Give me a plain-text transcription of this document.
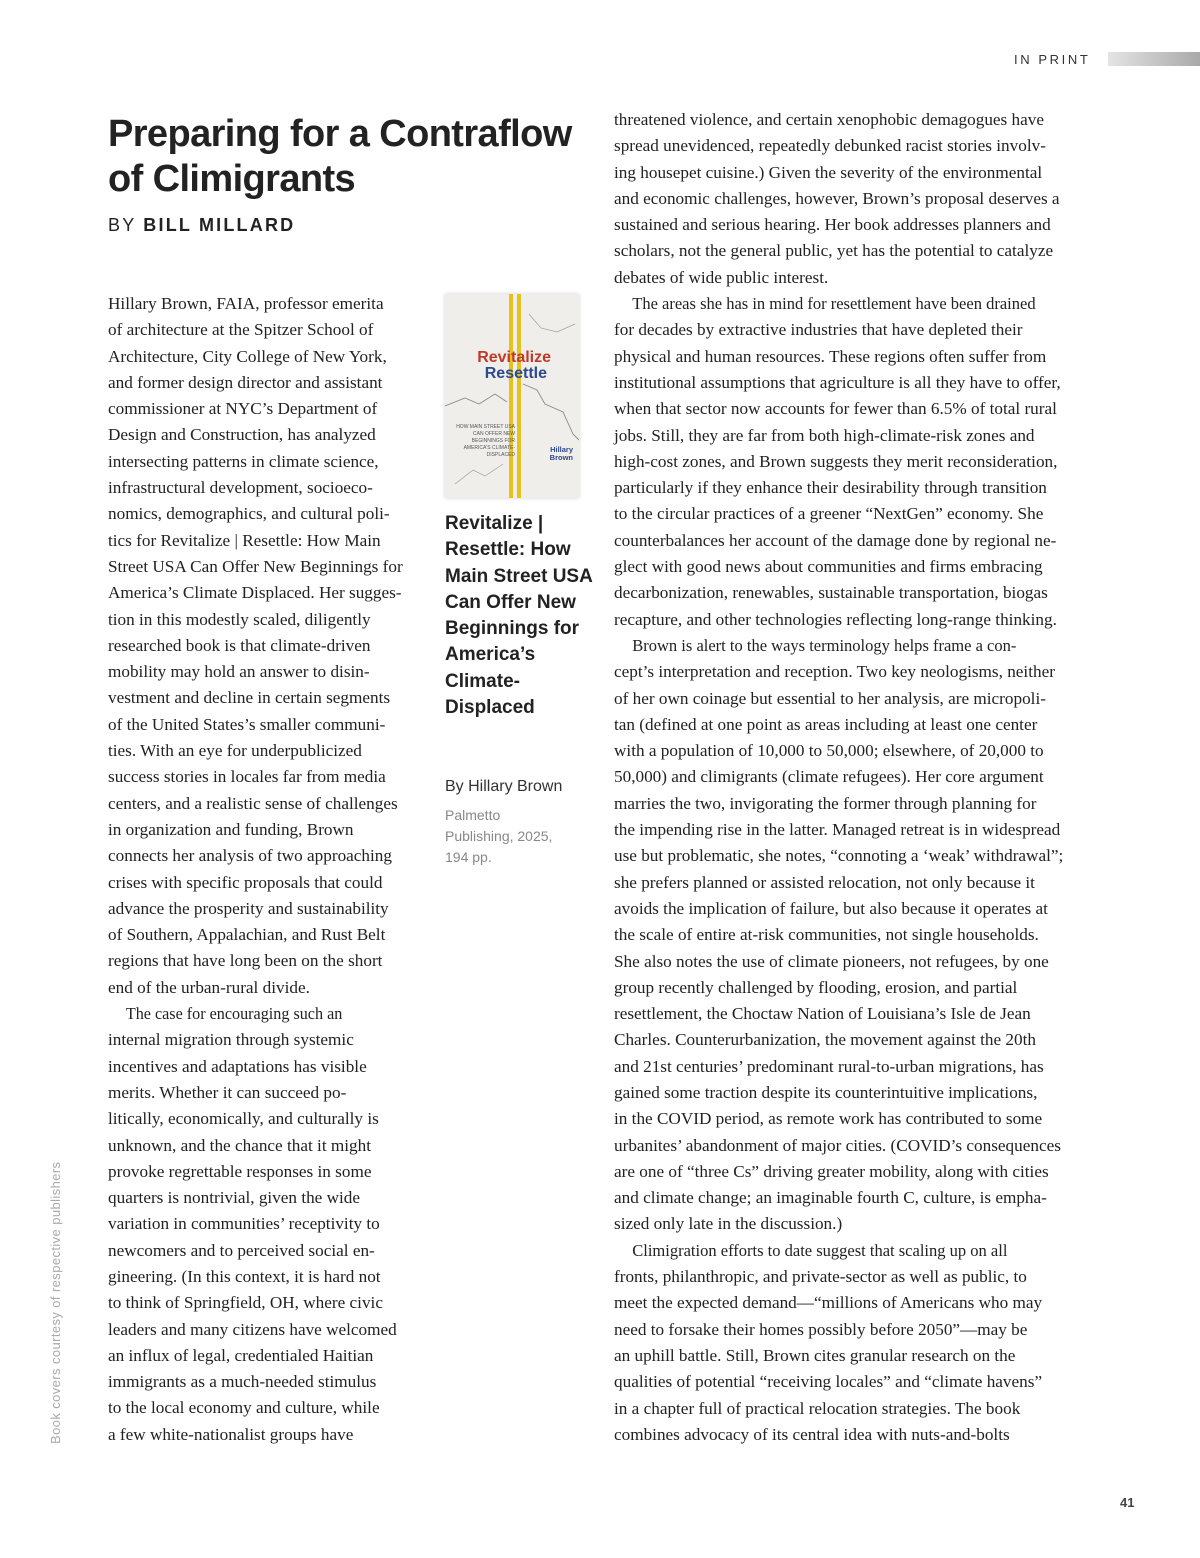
IN PRINT
Preparing for a Contraflow of Climigrants
BY BILL MILLARD
Hillary Brown, FAIA, professor emerita
of architecture at the Spitzer School of
Architecture, City College of New York,
and former design director and assistant
commissioner at NYC’s Department of
Design and Construction, has analyzed
intersecting patterns in climate science,
infrastructural development, socioeco-
nomics, demographics, and cultural poli-
tics for Revitalize | Resettle: How Main
Street USA Can Offer New Beginnings for
America’s Climate Displaced. Her sugges-
tion in this modestly scaled, diligently
researched book is that climate-driven
mobility may hold an answer to disin-
vestment and decline in certain segments
of the United States’s smaller communi-
ties. With an eye for underpublicized
success stories in locales far from media
centers, and a realistic sense of challenges
in organization and funding, Brown
connects her analysis of two approaching
crises with specific proposals that could
advance the prosperity and sustainability
of Southern, Appalachian, and Rust Belt
regions that have long been on the short
end of the urban-rural divide.
The case for encouraging such an
internal migration through systemic
incentives and adaptations has visible
merits. Whether it can succeed po-
litically, economically, and culturally is
unknown, and the chance that it might
provoke regrettable responses in some
quarters is nontrivial, given the wide
variation in communities’ receptivity to
newcomers and to perceived social en-
gineering. (In this context, it is hard not
to think of Springfield, OH, where civic
leaders and many citizens have welcomed
an influx of legal, credentialed Haitian
immigrants as a much-needed stimulus
to the local economy and culture, while
a few white-nationalist groups have
Revitalize
Resettle
HOW MAIN STREET USA CAN OFFER NEW BEGINNINGS FOR AMERICA'S CLIMATE-DISPLACED
Hillary Brown
Revitalize | Resettle: How Main Street USA Can Offer New Beginnings for America’s Climate-Displaced
By Hillary Brown
Palmetto Publishing, 2025, 194 pp.
threatened violence, and certain xenophobic demagogues have
spread unevidenced, repeatedly debunked racist stories involv-
ing housepet cuisine.) Given the severity of the environmental
and economic challenges, however, Brown’s proposal deserves a
sustained and serious hearing. Her book addresses planners and
scholars, not the general public, yet has the potential to catalyze
debates of wide public interest.
The areas she has in mind for resettlement have been drained
for decades by extractive industries that have depleted their
physical and human resources. These regions often suffer from
institutional assumptions that agriculture is all they have to offer,
when that sector now accounts for fewer than 6.5% of total rural
jobs. Still, they are far from both high-climate-risk zones and
high-cost zones, and Brown suggests they merit reconsideration,
particularly if they enhance their desirability through transition
to the circular practices of a greener “NextGen” economy. She
counterbalances her account of the damage done by regional ne-
glect with good news about communities and firms embracing
decarbonization, renewables, sustainable transportation, biogas
recapture, and other technologies reflecting long-range thinking.
Brown is alert to the ways terminology helps frame a con-
cept’s interpretation and reception. Two key neologisms, neither
of her own coinage but essential to her analysis, are micropoli-
tan (defined at one point as areas including at least one center
with a population of 10,000 to 50,000; elsewhere, of 20,000 to
50,000) and climigrants (climate refugees). Her core argument
marries the two, invigorating the former through planning for
the impending rise in the latter. Managed retreat is in widespread
use but problematic, she notes, “connoting a ‘weak’ withdrawal”;
she prefers planned or assisted relocation, not only because it
avoids the implication of failure, but also because it operates at
the scale of entire at-risk communities, not single households.
She also notes the use of climate pioneers, not refugees, by one
group recently challenged by flooding, erosion, and partial
resettlement, the Choctaw Nation of Louisiana’s Isle de Jean
Charles. Counterurbanization, the movement against the 20th
and 21st centuries’ predominant rural-to-urban migrations, has
gained some traction despite its counterintuitive implications,
in the COVID period, as remote work has contributed to some
urbanites’ abandonment of major cities. (COVID’s consequences
are one of “three Cs” driving greater mobility, along with cities
and climate change; an imaginable fourth C, culture, is empha-
sized only late in the discussion.)
Climigration efforts to date suggest that scaling up on all
fronts, philanthropic, and private-sector as well as public, to
meet the expected demand—“millions of Americans who may
need to forsake their homes possibly before 2050”—may be
an uphill battle. Still, Brown cites granular research on the
qualities of potential “receiving locales” and “climate havens”
in a chapter full of practical relocation strategies. The book
combines advocacy of its central idea with nuts-and-bolts
Book covers courtesy of respective publishers
41
